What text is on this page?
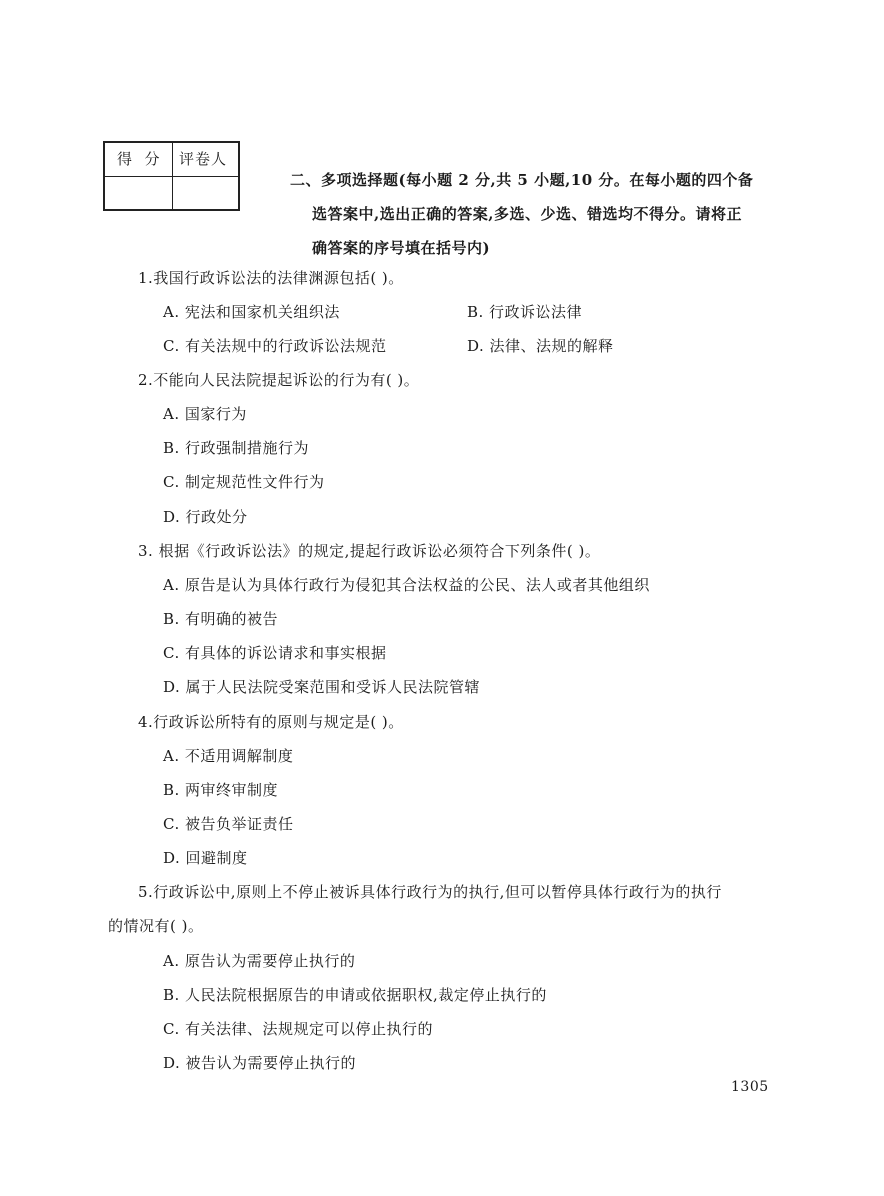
得  分 评卷人
二、多项选择题(每小题 2 分,共 5 小题,10 分。在每小题的四个备
选答案中,选出正确的答案,多选、少选、错选均不得分。请将正
确答案的序号填在括号内)
1.我国行政诉讼法的法律渊源包括( )。
A. 宪法和国家机关组织法	B. 行政诉讼法律
C. 有关法规中的行政诉讼法规范	D. 法律、法规的解释
2.不能向人民法院提起诉讼的行为有( )。
A. 国家行为
B. 行政强制措施行为
C. 制定规范性文件行为
D. 行政处分
3. 根据《行政诉讼法》的规定,提起行政诉讼必须符合下列条件( )。
A. 原告是认为具体行政行为侵犯其合法权益的公民、法人或者其他组织
B. 有明确的被告
C. 有具体的诉讼请求和事实根据
D. 属于人民法院受案范围和受诉人民法院管辖
4.行政诉讼所特有的原则与规定是( )。
A. 不适用调解制度
B. 两审终审制度
C. 被告负举证责任
D. 回避制度
5.行政诉讼中,原则上不停止被诉具体行政行为的执行,但可以暂停具体行政行为的执行
的情况有( )。
A. 原告认为需要停止执行的
B. 人民法院根据原告的申请或依据职权,裁定停止执行的
C. 有关法律、法规规定可以停止执行的
D. 被告认为需要停止执行的
1305
